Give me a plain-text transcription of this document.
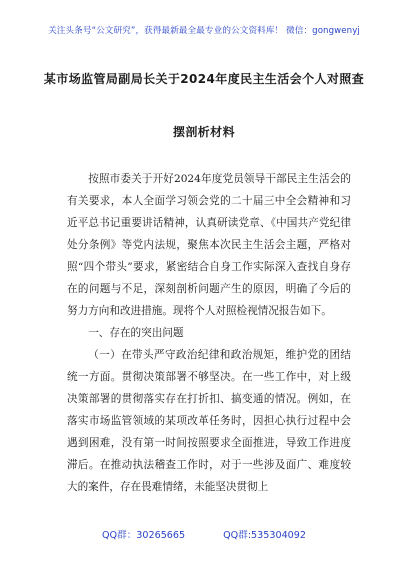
关注头条号“公文研究”，获得最新最全最专业的公文资料库！ 微信：gongwenyj
某市场监管局副局长关于2024年度民主生活会个人对照查
摆剖析材料

按照市委关于开好2024年度党员领导干部民主生活会的有关要求，本人全面学习领会党的二十届三中全会精神和习近平总书记重要讲话精神，认真研读党章、《中国共产党纪律处分条例》等党内法规，聚焦本次民主生活会主题，严格对照“四个带头”要求，紧密结合自身工作实际深入查找自身存在的问题与不足，深刻剖析问题产生的原因，明确了今后的努力方向和改进措施。现将个人对照检视情况报告如下。

一、存在的突出问题

（一）在带头严守政治纪律和政治规矩，维护党的团结统一方面。贯彻决策部署不够坚决。在一些工作中，对上级决策部署的贯彻落实存在打折扣、搞变通的情况。例如，在落实市场监管领域的某项改革任务时，因担心执行过程中会遇到困难，没有第一时间按照要求全面推进，导致工作进度滞后。在推动执法稽查工作时，对于一些涉及面广、难度较大的案件，存在畏难情绪，未能坚决贯彻上

QQ群：30265665	QQ群:535304092
